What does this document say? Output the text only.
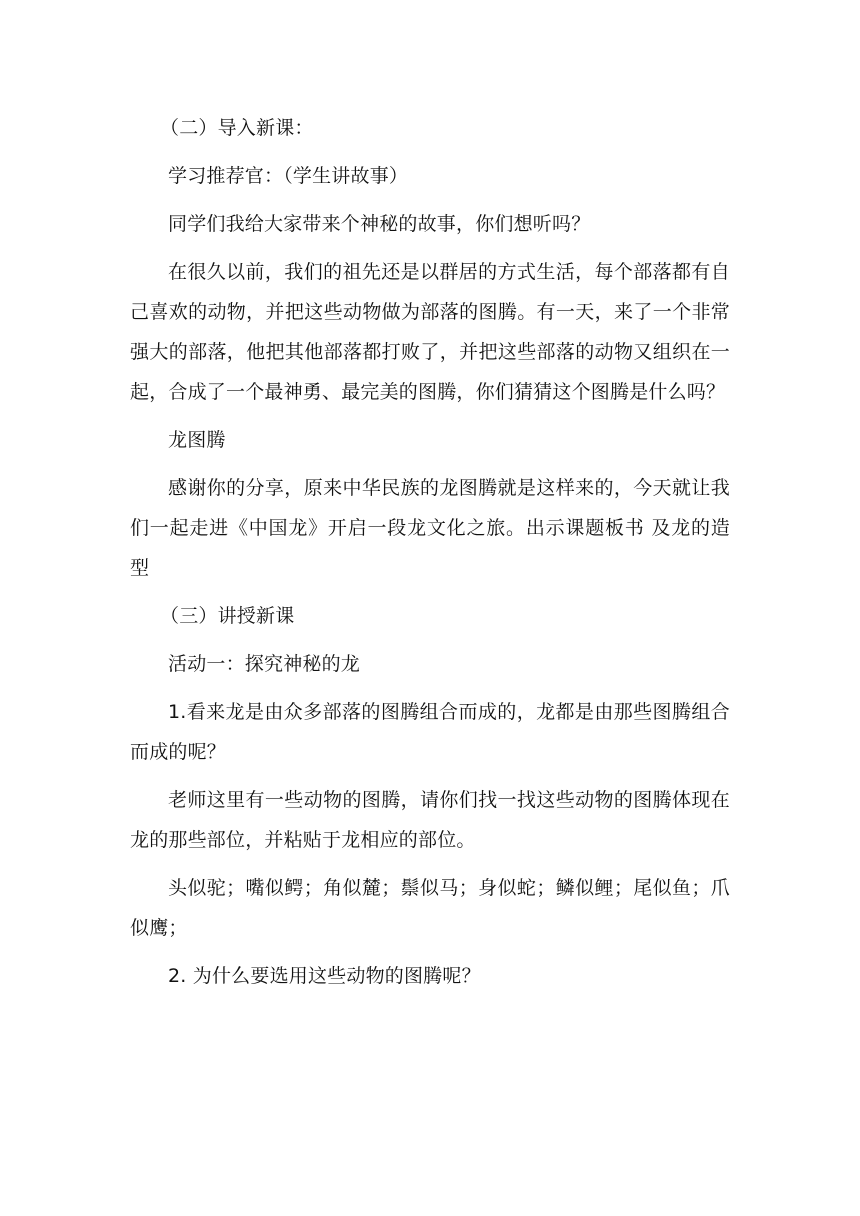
（二）导入新课：

学习推荐官：（学生讲故事）

同学们我给大家带来个神秘的故事，你们想听吗？

在很久以前，我们的祖先还是以群居的方式生活，每个部落都有自己喜欢的动物，并把这些动物做为部落的图腾。有一天，来了一个非常强大的部落，他把其他部落都打败了，并把这些部落的动物又组织在一起，合成了一个最神勇、最完美的图腾，你们猜猜这个图腾是什么吗？

龙图腾

感谢你的分享，原来中华民族的龙图腾就是这样来的，今天就让我们一起走进《中国龙》开启一段龙文化之旅。出示课题板书 及龙的造型

（三）讲授新课

活动一：探究神秘的龙

1.看来龙是由众多部落的图腾组合而成的，龙都是由那些图腾组合而成的呢？

老师这里有一些动物的图腾，请你们找一找这些动物的图腾体现在龙的那些部位，并粘贴于龙相应的部位。

头似驼；嘴似鳄；角似麓；鬃似马；身似蛇；鳞似鲤；尾似鱼；爪似鹰；

2. 为什么要选用这些动物的图腾呢？
